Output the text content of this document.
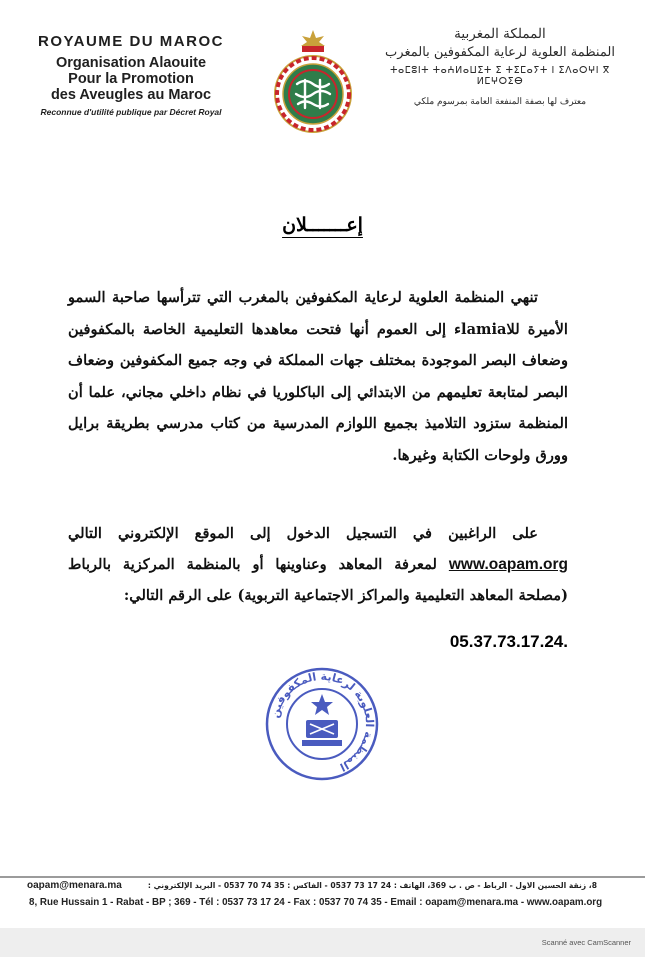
ROYAUME DU MAROC
Organisation Alaouite
Pour la Promotion
des Aveugles au Maroc
Reconnue d'utilité publique par Décret Royal
المملكة المغربية
المنظمة العلوية لرعاية المكفوفين بالمغرب
ⵜⴰⵎⵓⵏⵜ ⵜⴰⵄⵍⴰⵡⵉⵜ ⵉ ⵜⵉⵎⴰⵢⵜ ⵏ ⵉⴷⴰⵔⵖⵏ ⴳ ⵍⵎⵖⵔⵉⴱ
معترف لها بصفة المنفعة العامة بمرسوم ملكي
إعـــــــلان
تنهي المنظمة العلوية لرعاية المكفوفين بالمغرب التي تترأسها صاحبة السمو الأميرة للاlamiaء إلى العموم أنها فتحت معاهدها التعليمية الخاصة بالمكفوفين وضعاف البصر الموجودة بمختلف جهات المملكة في وجه جميع المكفوفين وضعاف البصر لمتابعة تعليمهم من الابتدائي إلى الباكلوريا في نظام داخلي مجاني، علما أن المنظمة ستزود التلاميذ بجميع اللوازم المدرسية من كتاب مدرسي بطريقة برايل وورق ولوحات الكتابة وغيرها.
على الراغبين في التسجيل الدخول إلى الموقع الإلكتروني التالي www.oapam.org لمعرفة المعاهد وعناوينها أو بالمنظمة المركزية بالرباط (مصلحة المعاهد التعليمية والمراكز الاجتماعية التربوية) على الرقم التالي:
05.37.73.17.24.
المنظمة العلوية لرعاية المكفوفين
oapam@menara.ma	8، زنقة الحسين الاول - الرباط - ص . ب 369، الهاتف : 24 17 73 0537 - الفاكس : 35 74 70 0537 - البريد الإلكتروني :
8, Rue Hussain 1 - Rabat - BP ; 369 - Tél : 0537 73 17 24 - Fax : 0537 70 74 35 - Email : oapam@menara.ma - www.oapam.org
Scanné avec CamScanner
